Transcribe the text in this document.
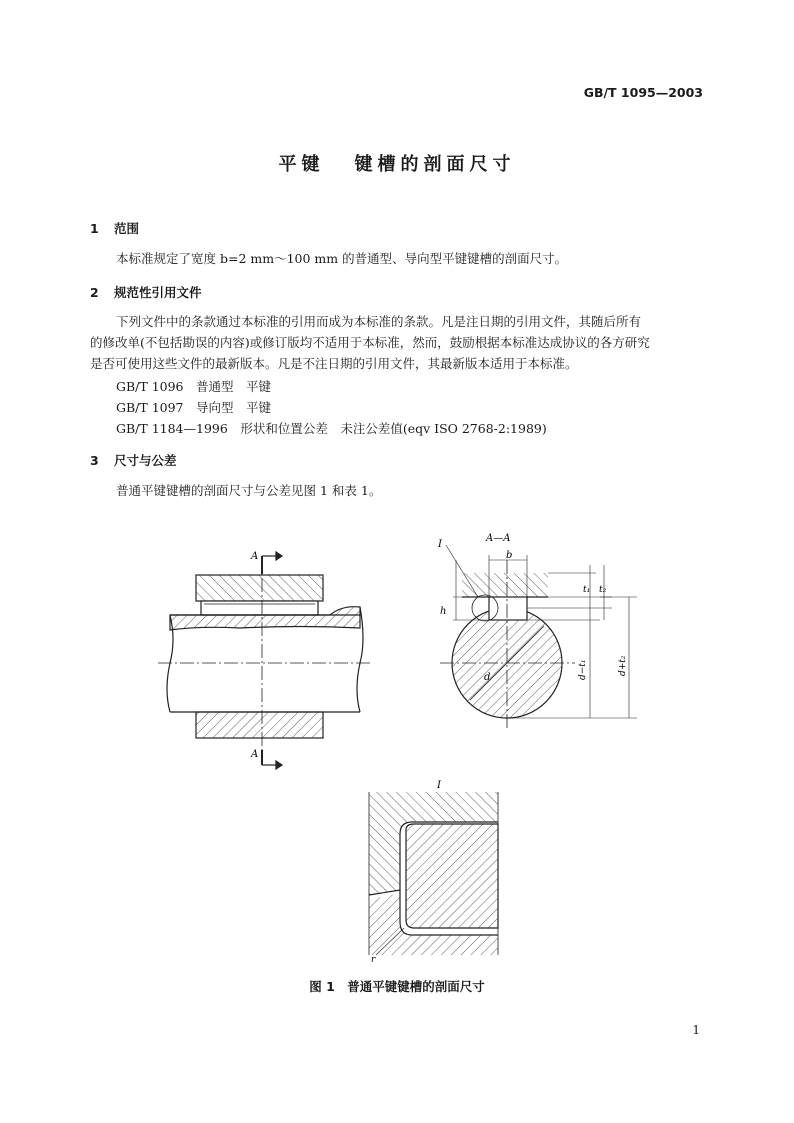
GB/T 1095—2003
平键 键槽的剖面尺寸
1 范围
本标准规定了宽度 b=2 mm～100 mm 的普通型、导向型平键键槽的剖面尺寸。
2 规范性引用文件
下列文件中的条款通过本标准的引用而成为本标准的条款。凡是注日期的引用文件，其随后所有
的修改单(不包括勘误的内容)或修订版均不适用于本标准，然而，鼓励根据本标准达成协议的各方研究
是否可使用这些文件的最新版本。凡是不注日期的引用文件，其最新版本适用于本标准。
GB/T 1096　普通型　平键
GB/T 1097　导向型　平键
GB/T 1184—1996　形状和位置公差　未注公差值(eqv ISO 2768-2:1989)
3 尺寸与公差
普通平键键槽的剖面尺寸与公差见图 1 和表 1。
A
A
A—A
I
b
h
d
t₁ t₂
d−t₁	d+t₂
I
r
图 1　普通平键键槽的剖面尺寸
1
